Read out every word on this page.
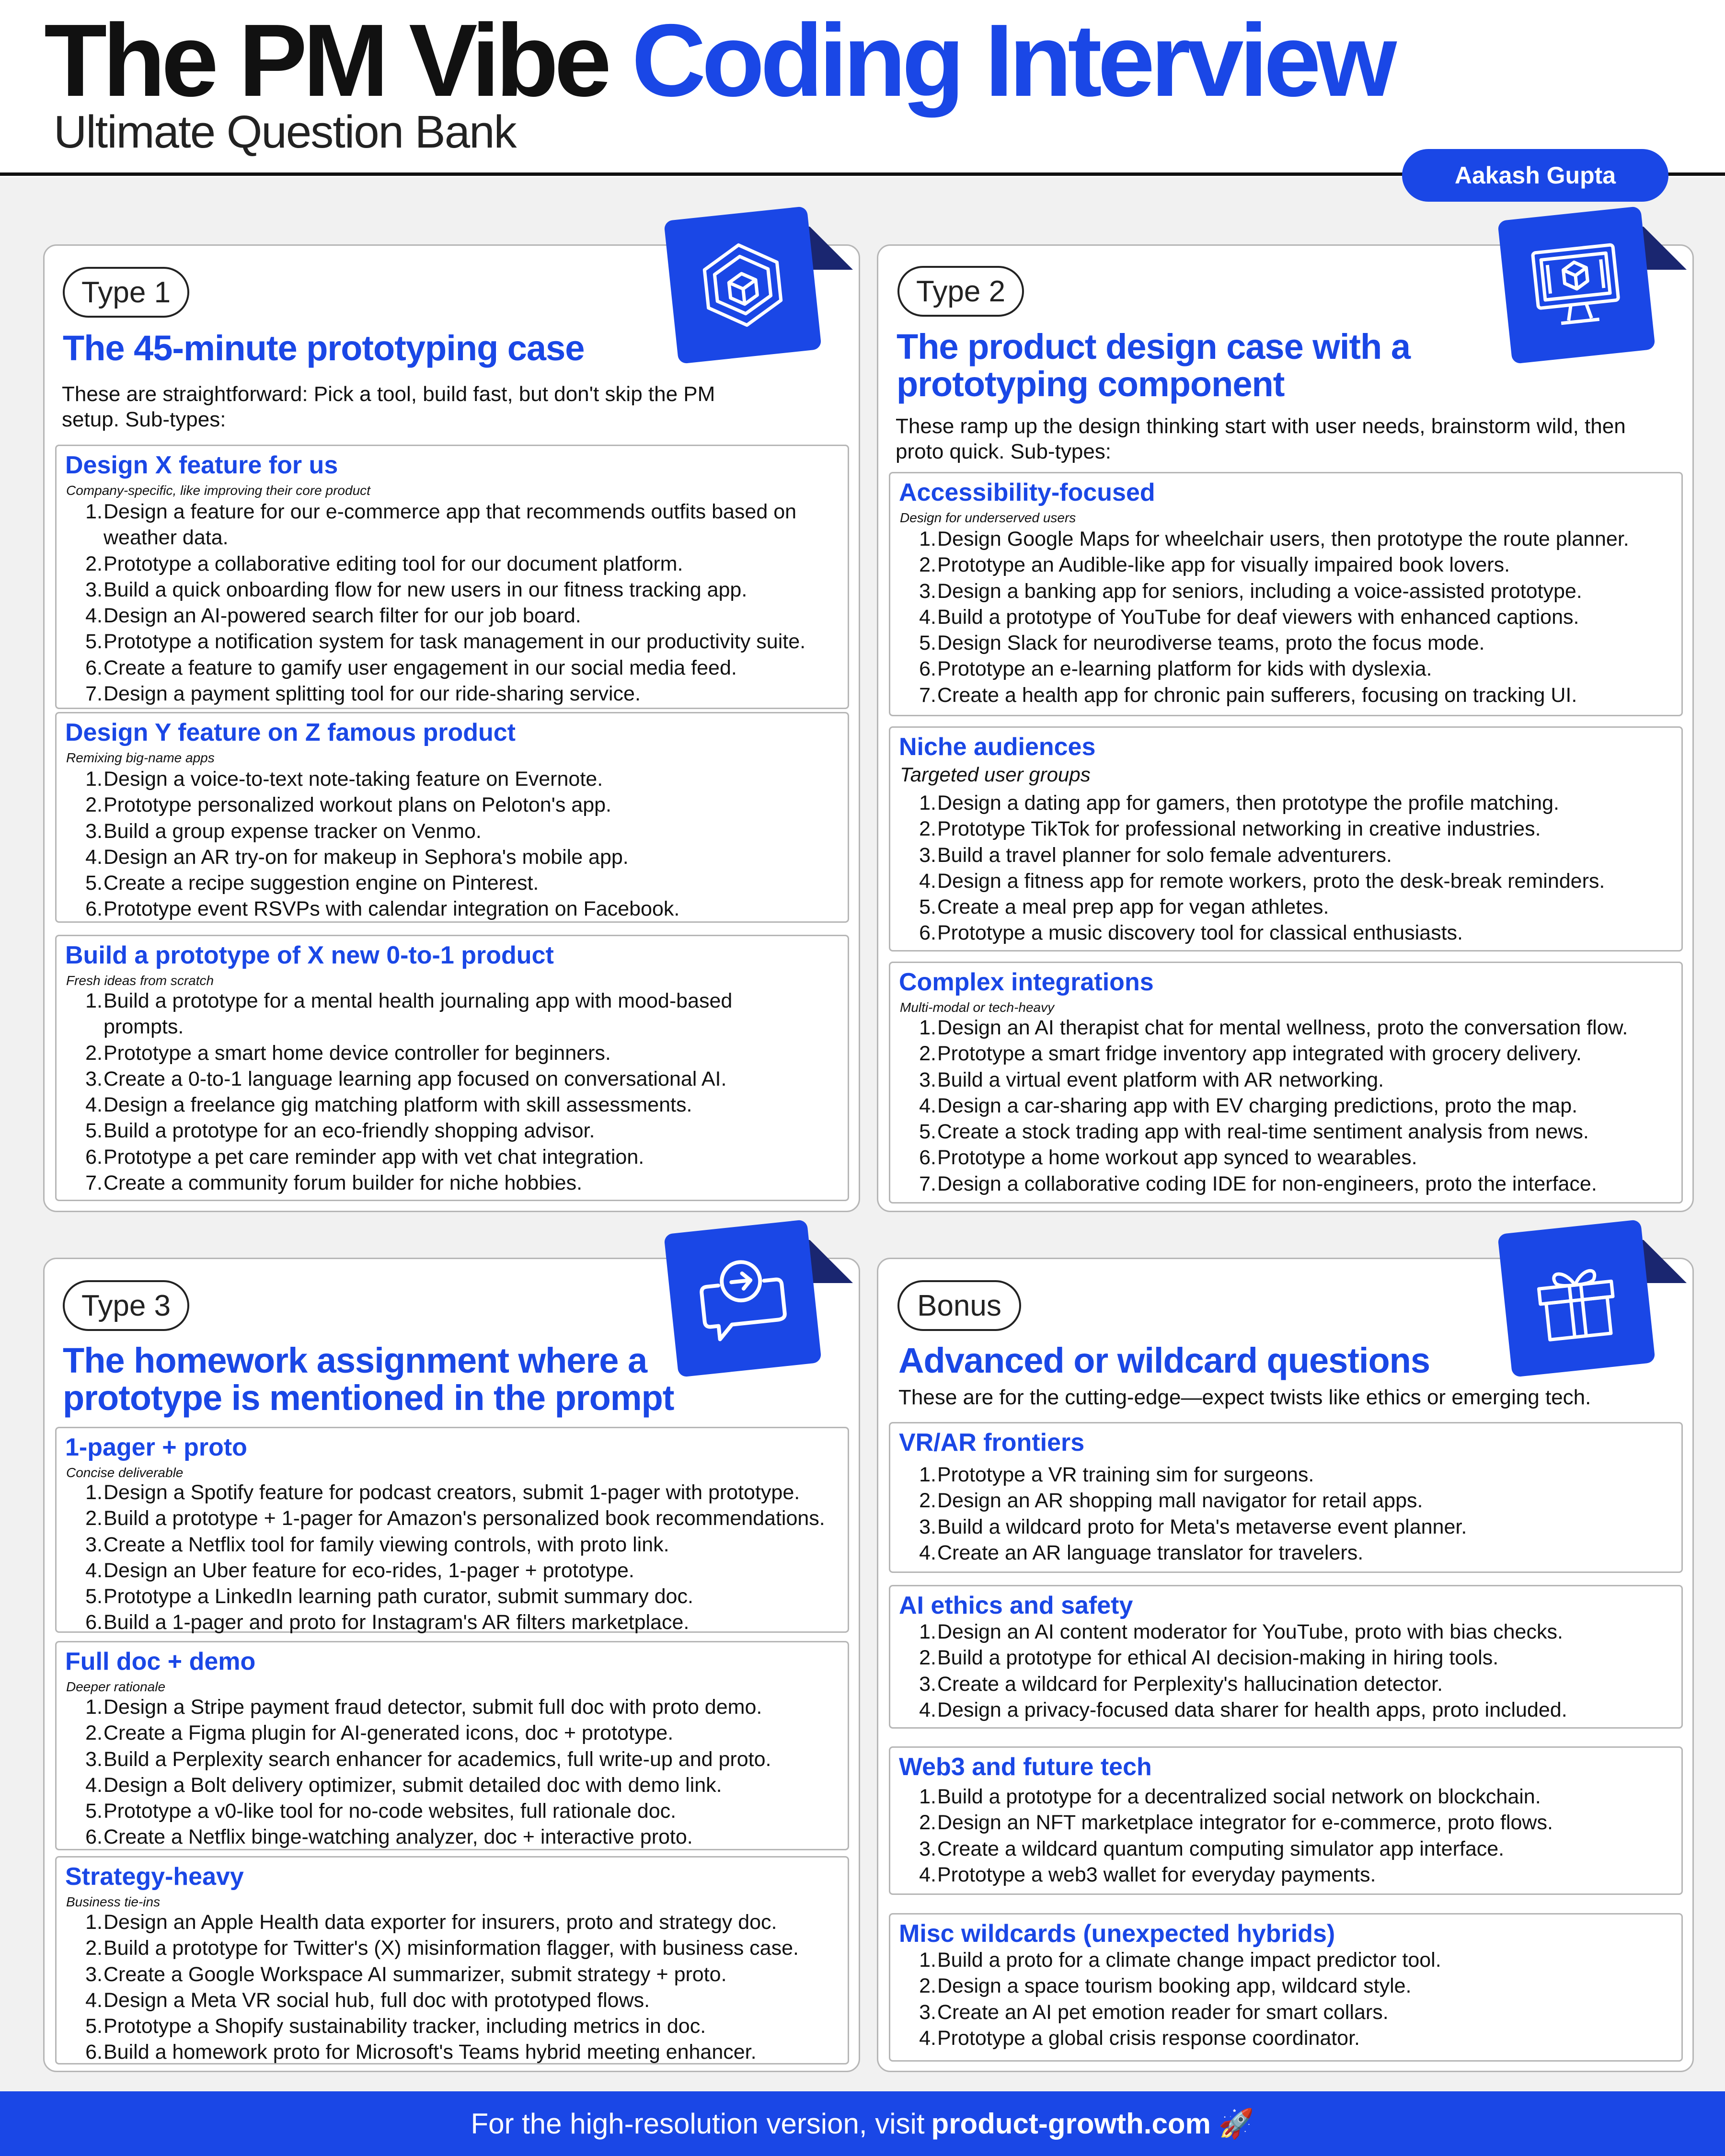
The PM Vibe Coding Interview
Ultimate Question Bank
Aakash Gupta
Type 1
The 45-minute prototyping case
These are straightforward: Pick a tool, build fast, but don't skip the PM setup. Sub-types:
Design X feature for us
Company-specific, like improving their core product
1. Design a feature for our e-commerce app that recommends outfits based on weather data.
2. Prototype a collaborative editing tool for our document platform.
3. Build a quick onboarding flow for new users in our fitness tracking app.
4. Design an AI-powered search filter for our job board.
5. Prototype a notification system for task management in our productivity suite.
6. Create a feature to gamify user engagement in our social media feed.
7. Design a payment splitting tool for our ride-sharing service.
Design Y feature on Z famous product
Remixing big-name apps
1. Design a voice-to-text note-taking feature on Evernote.
2. Prototype personalized workout plans on Peloton's app.
3. Build a group expense tracker on Venmo.
4. Design an AR try-on for makeup in Sephora's mobile app.
5. Create a recipe suggestion engine on Pinterest.
6. Prototype event RSVPs with calendar integration on Facebook.
Build a prototype of X new 0-to-1 product
Fresh ideas from scratch
1. Build a prototype for a mental health journaling app with mood-based prompts.
2. Prototype a smart home device controller for beginners.
3. Create a 0-to-1 language learning app focused on conversational AI.
4. Design a freelance gig matching platform with skill assessments.
5. Build a prototype for an eco-friendly shopping advisor.
6. Prototype a pet care reminder app with vet chat integration.
7. Create a community forum builder for niche hobbies.
Type 2
The product design case with a prototyping component
These ramp up the design thinking start with user needs, brainstorm wild, then proto quick. Sub-types:
Accessibility-focused
Design for underserved users
1. Design Google Maps for wheelchair users, then prototype the route planner.
2. Prototype an Audible-like app for visually impaired book lovers.
3. Design a banking app for seniors, including a voice-assisted prototype.
4. Build a prototype of YouTube for deaf viewers with enhanced captions.
5. Design Slack for neurodiverse teams, proto the focus mode.
6. Prototype an e-learning platform for kids with dyslexia.
7. Create a health app for chronic pain sufferers, focusing on tracking UI.
Niche audiences
Targeted user groups
1. Design a dating app for gamers, then prototype the profile matching.
2. Prototype TikTok for professional networking in creative industries.
3. Build a travel planner for solo female adventurers.
4. Design a fitness app for remote workers, proto the desk-break reminders.
5. Create a meal prep app for vegan athletes.
6. Prototype a music discovery tool for classical enthusiasts.
Complex integrations
Multi-modal or tech-heavy
1. Design an AI therapist chat for mental wellness, proto the conversation flow.
2. Prototype a smart fridge inventory app integrated with grocery delivery.
3. Build a virtual event platform with AR networking.
4. Design a car-sharing app with EV charging predictions, proto the map.
5. Create a stock trading app with real-time sentiment analysis from news.
6. Prototype a home workout app synced to wearables.
7. Design a collaborative coding IDE for non-engineers, proto the interface.
Type 3
The homework assignment where a prototype is mentioned in the prompt
1-pager + proto
Concise deliverable
1. Design a Spotify feature for podcast creators, submit 1-pager with prototype.
2. Build a prototype + 1-pager for Amazon's personalized book recommendations.
3. Create a Netflix tool for family viewing controls, with proto link.
4. Design an Uber feature for eco-rides, 1-pager + prototype.
5. Prototype a LinkedIn learning path curator, submit summary doc.
6. Build a 1-pager and proto for Instagram's AR filters marketplace.
Full doc + demo
Deeper rationale
1. Design a Stripe payment fraud detector, submit full doc with proto demo.
2. Create a Figma plugin for AI-generated icons, doc + prototype.
3. Build a Perplexity search enhancer for academics, full write-up and proto.
4. Design a Bolt delivery optimizer, submit detailed doc with demo link.
5. Prototype a v0-like tool for no-code websites, full rationale doc.
6. Create a Netflix binge-watching analyzer, doc + interactive proto.
Strategy-heavy
Business tie-ins
1. Design an Apple Health data exporter for insurers, proto and strategy doc.
2. Build a prototype for Twitter's (X) misinformation flagger, with business case.
3. Create a Google Workspace AI summarizer, submit strategy + proto.
4. Design a Meta VR social hub, full doc with prototyped flows.
5. Prototype a Shopify sustainability tracker, including metrics in doc.
6. Build a homework proto for Microsoft's Teams hybrid meeting enhancer.
Bonus
Advanced or wildcard questions
These are for the cutting-edge—expect twists like ethics or emerging tech.
VR/AR frontiers
1. Prototype a VR training sim for surgeons.
2. Design an AR shopping mall navigator for retail apps.
3. Build a wildcard proto for Meta's metaverse event planner.
4. Create an AR language translator for travelers.
AI ethics and safety
1. Design an AI content moderator for YouTube, proto with bias checks.
2. Build a prototype for ethical AI decision-making in hiring tools.
3. Create a wildcard for Perplexity's hallucination detector.
4. Design a privacy-focused data sharer for health apps, proto included.
Web3 and future tech
1. Build a prototype for a decentralized social network on blockchain.
2. Design an NFT marketplace integrator for e-commerce, proto flows.
3. Create a wildcard quantum computing simulator app interface.
4. Prototype a web3 wallet for everyday payments.
Misc wildcards (unexpected hybrids)
1. Build a proto for a climate change impact predictor tool.
2. Design a space tourism booking app, wildcard style.
3. Create an AI pet emotion reader for smart collars.
4. Prototype a global crisis response coordinator.
For the high-resolution version, visit product-growth.com 🚀
